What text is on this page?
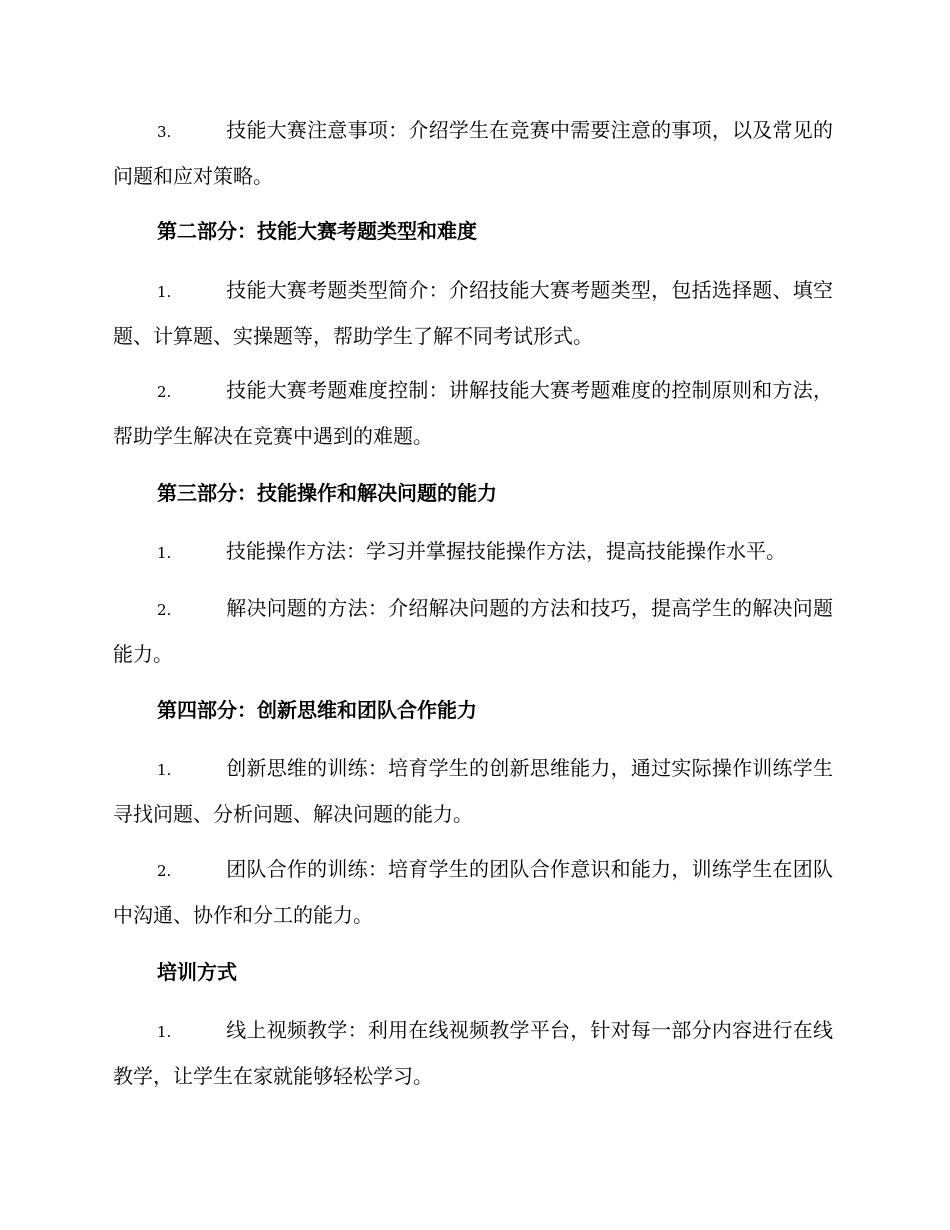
3.	技能大赛注意事项：介绍学生在竞赛中需要注意的事项，以及常见的问题和应对策略。
第二部分：技能大赛考题类型和难度
1.	技能大赛考题类型简介：介绍技能大赛考题类型，包括选择题、填空题、计算题、实操题等，帮助学生了解不同考试形式。
2.	技能大赛考题难度控制：讲解技能大赛考题难度的控制原则和方法，帮助学生解决在竞赛中遇到的难题。
第三部分：技能操作和解决问题的能力
1.	技能操作方法：学习并掌握技能操作方法，提高技能操作水平。
2.	解决问题的方法：介绍解决问题的方法和技巧，提高学生的解决问题能力。
第四部分：创新思维和团队合作能力
1.	创新思维的训练：培育学生的创新思维能力，通过实际操作训练学生寻找问题、分析问题、解决问题的能力。
2.	团队合作的训练：培育学生的团队合作意识和能力，训练学生在团队中沟通、协作和分工的能力。
培训方式
1.	线上视频教学：利用在线视频教学平台，针对每一部分内容进行在线教学，让学生在家就能够轻松学习。
